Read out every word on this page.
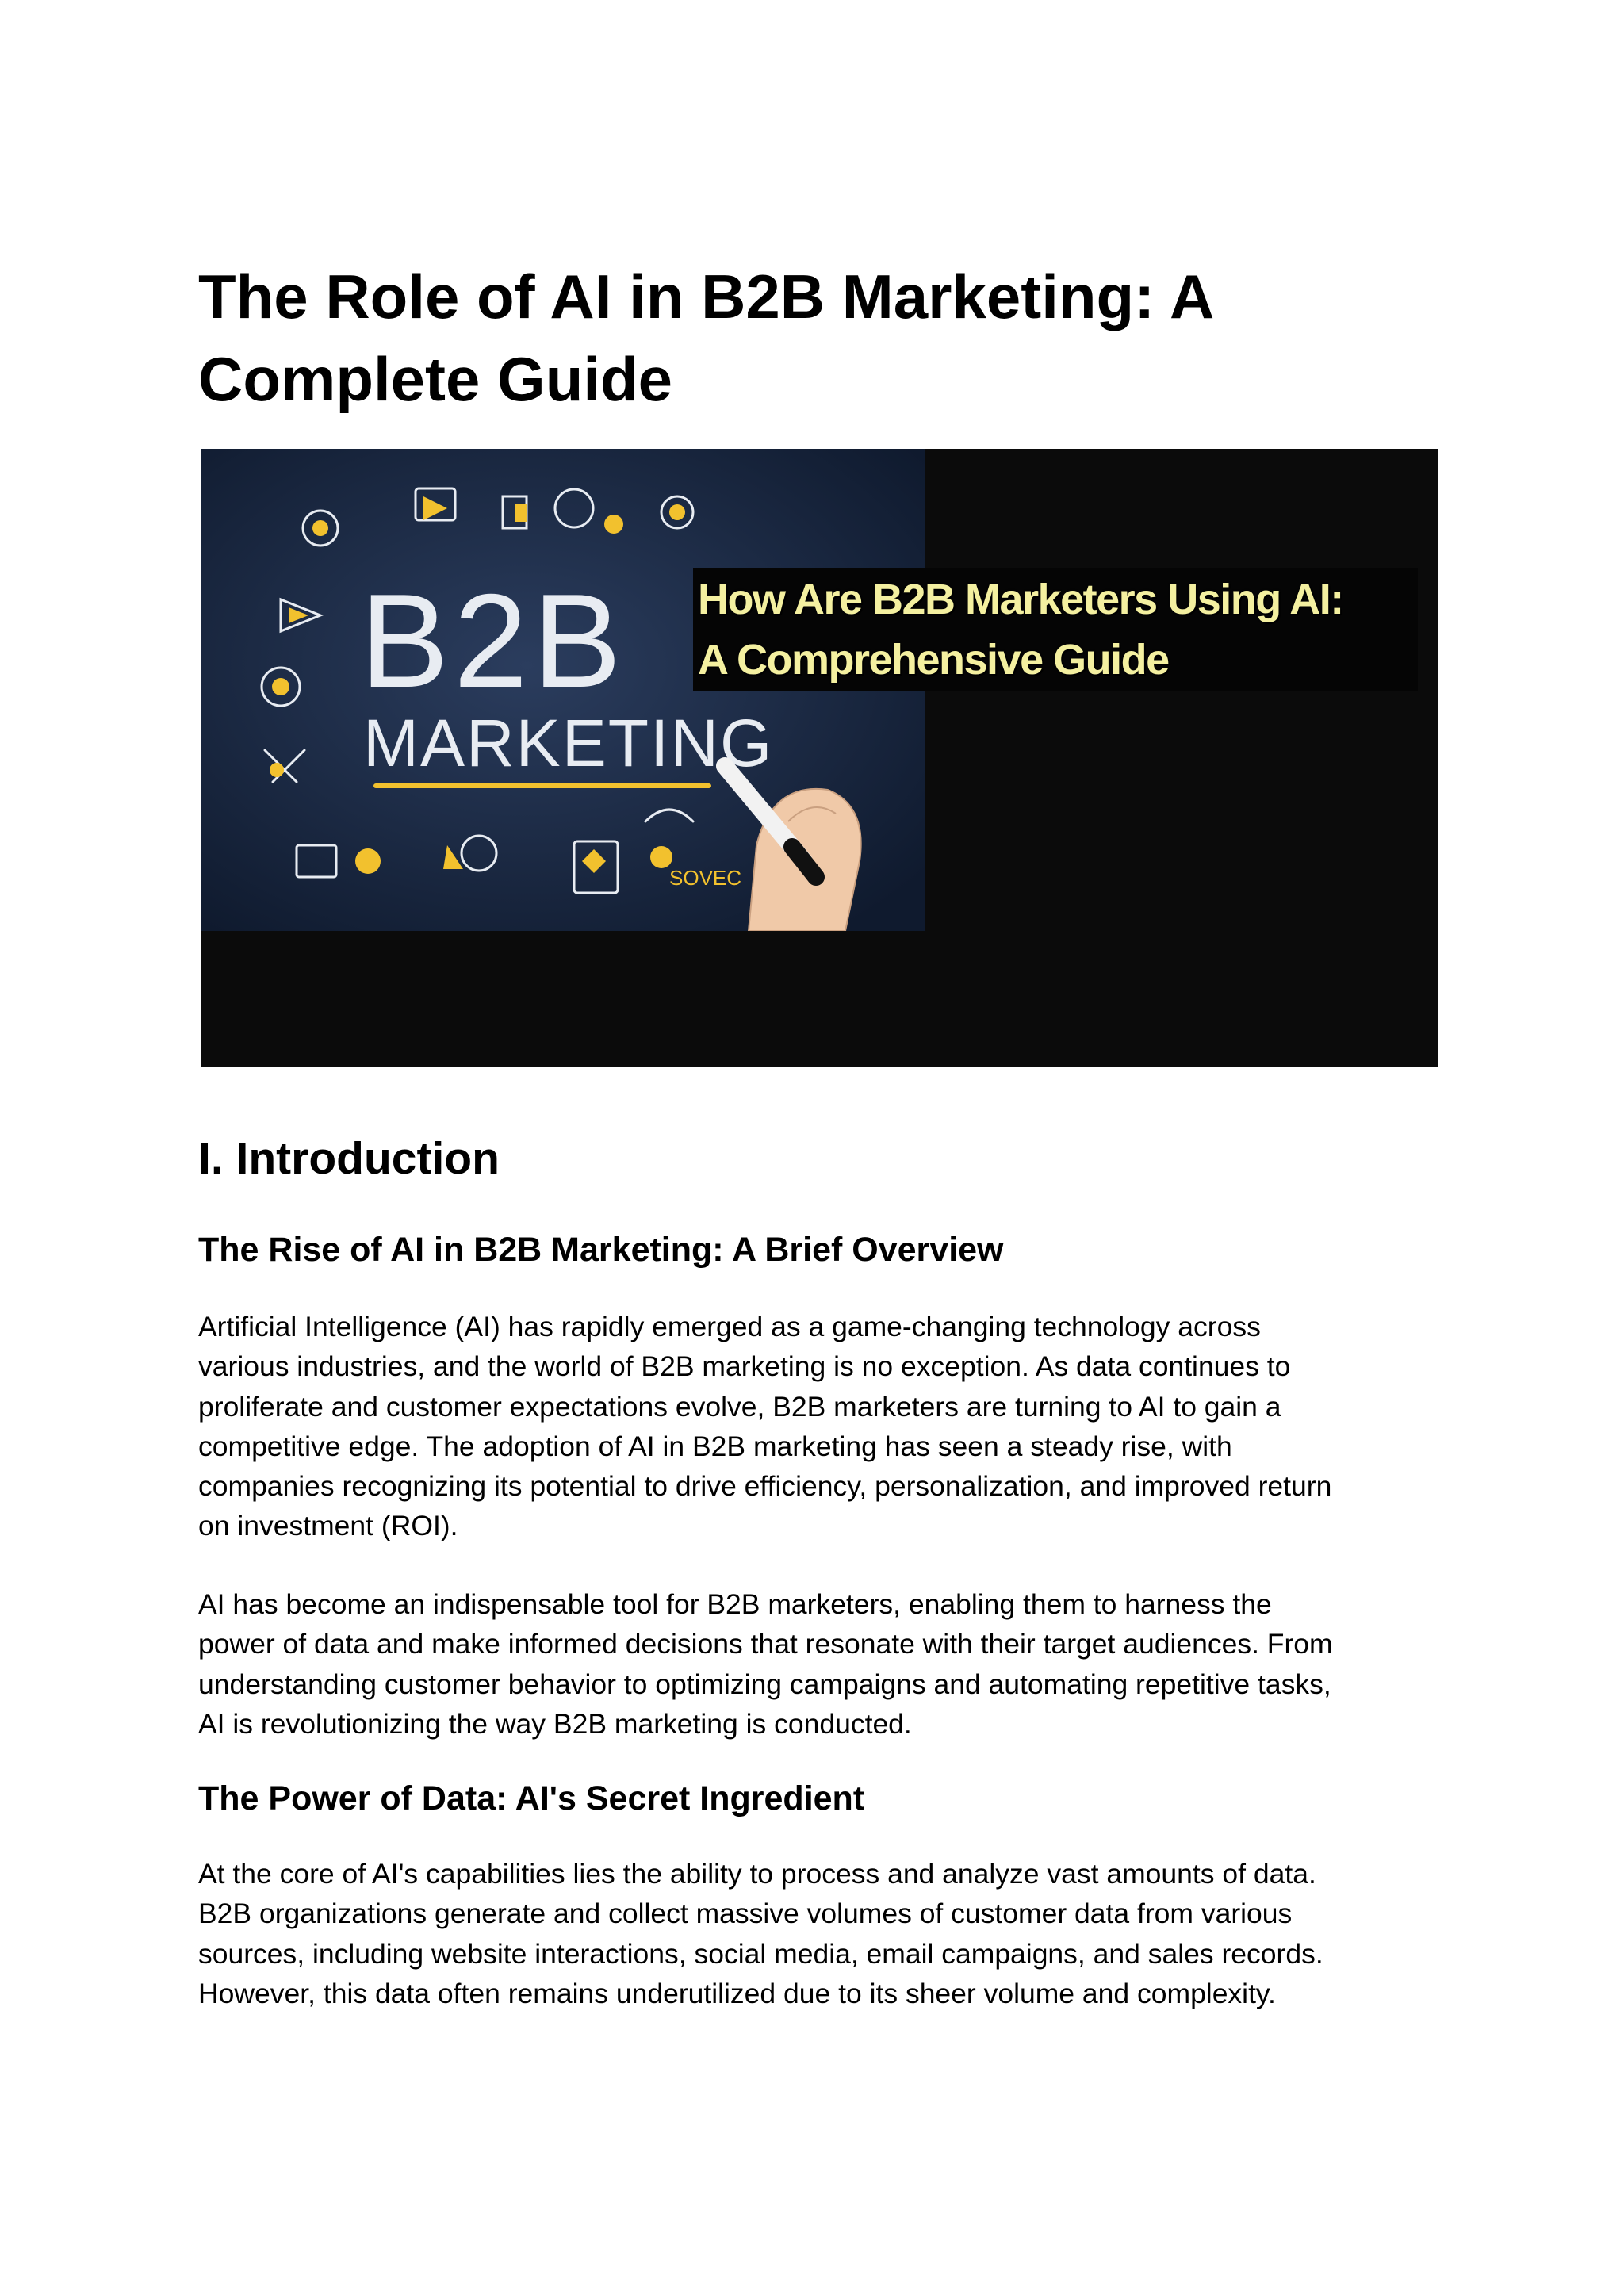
The Role of AI in B2B Marketing: A
Complete Guide
B2B
MARKETING
SOVEC
How Are B2B Marketers Using AI:
A Comprehensive Guide
I. Introduction
The Rise of AI in B2B Marketing: A Brief Overview

Artificial Intelligence (AI) has rapidly emerged as a game-changing technology across
various industries, and the world of B2B marketing is no exception. As data continues to
proliferate and customer expectations evolve, B2B marketers are turning to AI to gain a
competitive edge. The adoption of AI in B2B marketing has seen a steady rise, with
companies recognizing its potential to drive efficiency, personalization, and improved return
on investment (ROI).

AI has become an indispensable tool for B2B marketers, enabling them to harness the
power of data and make informed decisions that resonate with their target audiences. From
understanding customer behavior to optimizing campaigns and automating repetitive tasks,
AI is revolutionizing the way B2B marketing is conducted.

The Power of Data: AI's Secret Ingredient

At the core of AI's capabilities lies the ability to process and analyze vast amounts of data.
B2B organizations generate and collect massive volumes of customer data from various
sources, including website interactions, social media, email campaigns, and sales records.
However, this data often remains underutilized due to its sheer volume and complexity.
